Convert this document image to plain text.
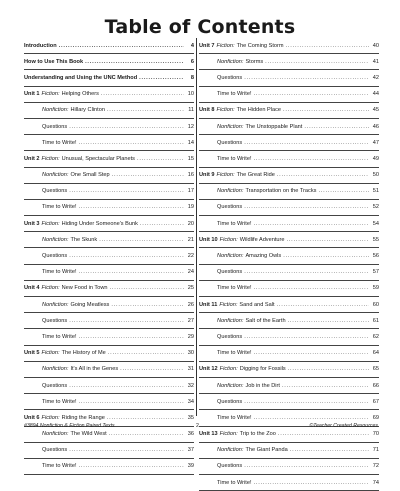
Table of Contents
Introduction .....	4
How to Use This Book .....	6
Understanding and Using the UNC Method .....	8
Unit 1 Fiction: Helping Others .....	10
Nonfiction: Hillary Clinton .....	11
Questions .....	12
Time to Write! .....	14
Unit 2 Fiction: Unusual, Spectacular Planets .....	15
Nonfiction: One Small Step .....	16
Questions .....	17
Time to Write! .....	19
Unit 3 Fiction: Hiding Under Someone's Bunk .....	20
Nonfiction: The Skunk .....	21
Questions .....	22
Time to Write! .....	24
Unit 4 Fiction: New Food in Town .....	25
Nonfiction: Going Meatless .....	26
Questions .....	27
Time to Write! .....	29
Unit 5 Fiction: The History of Me .....	30
Nonfiction: It's All in the Genes .....	31
Questions .....	32
Time to Write! .....	34
Unit 6 Fiction: Riding the Range .....	35
Nonfiction: The Wild West .....	36
Questions .....	37
Time to Write! .....	39
Unit 7 Fiction: The Coming Storm .....	40
Nonfiction: Storms .....	41
Questions .....	42
Time to Write! .....	44
Unit 8 Fiction: The Hidden Place .....	45
Nonfiction: The Unstoppable Plant .....	46
Questions .....	47
Time to Write! .....	49
Unit 9 Fiction: The Great Ride .....	50
Nonfiction: Transportation on the Tracks .....	51
Questions .....	52
Time to Write! .....	54
Unit 10 Fiction: Wildlife Adventure .....	55
Nonfiction: Amazing Owls .....	56
Questions .....	57
Time to Write! .....	59
Unit 11 Fiction: Sand and Salt .....	60
Nonfiction: Salt of the Earth .....	61
Questions .....	62
Time to Write! .....	64
Unit 12 Fiction: Digging for Fossils .....	65
Nonfiction: Job in the Dirt .....	66
Questions .....	67
Time to Write! .....	69
Unit 13 Fiction: Trip to the Zoo .....	70
Nonfiction: The Giant Panda .....	71
Questions .....	72
Time to Write! .....	74
#3894 Nonfiction & Fiction Paired Texts	2	©Teacher Created Resources
